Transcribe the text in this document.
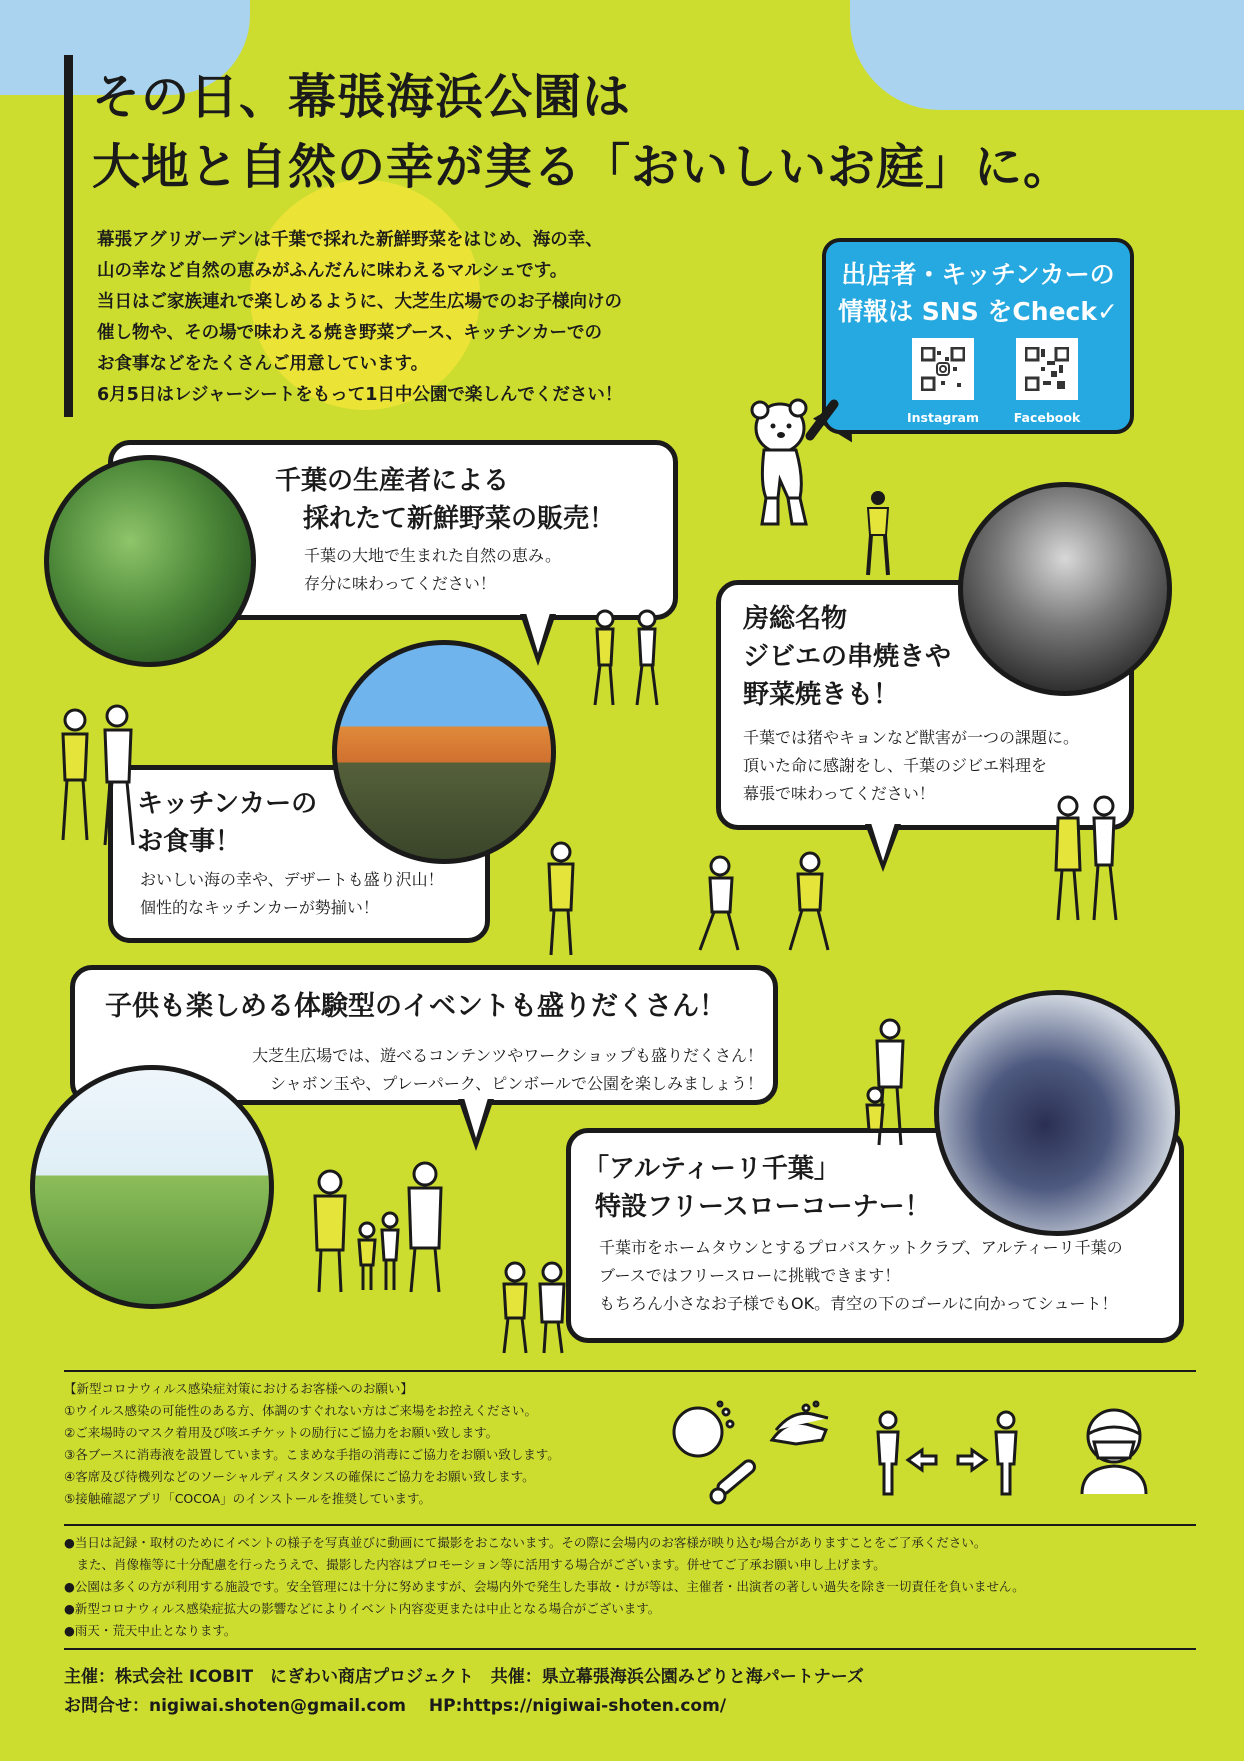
その日、幕張海浜公園は
大地と自然の幸が実る「おいしいお庭」に。
幕張アグリガーデンは千葉で採れた新鮮野菜をはじめ、海の幸、
山の幸など自然の恵みがふんだんに味わえるマルシェです。
当日はご家族連れで楽しめるように、大芝生広場でのお子様向けの
催し物や、その場で味わえる焼き野菜ブース、キッチンカーでの
お食事などをたくさんご用意しています。
6月5日はレジャーシートをもって1日中公園で楽しんでください！
出店者・キッチンカーの
情報は SNS をCheck✓
Instagram	Facebook
千葉の生産者による
採れたて新鮮野菜の販売！
千葉の大地で生まれた自然の恵み。
存分に味わってください！
房総名物
ジビエの串焼きや
野菜焼きも！
千葉では猪やキョンなど獣害が一つの課題に。
頂いた命に感謝をし、千葉のジビエ料理を
幕張で味わってください！
キッチンカーの
お食事！
おいしい海の幸や、デザートも盛り沢山！
個性的なキッチンカーが勢揃い！
子供も楽しめる体験型のイベントも盛りだくさん！
大芝生広場では、遊べるコンテンツやワークショップも盛りだくさん！
シャボン玉や、プレーパーク、ピンボールで公園を楽しみましょう！
「アルティーリ千葉」
特設フリースローコーナー！
千葉市をホームタウンとするプロバスケットクラブ、アルティーリ千葉の
ブースではフリースローに挑戦できます！
もちろん小さなお子様でもOK。青空の下のゴールに向かってシュート！
【新型コロナウィルス感染症対策におけるお客様へのお願い】
①ウイルス感染の可能性のある方、体調のすぐれない方はご来場をお控えください。
②ご来場時のマスク着用及び咳エチケットの励行にご協力をお願い致します。
③各ブースに消毒液を設置しています。こまめな手指の消毒にご協力をお願い致します。
④客席及び待機列などのソーシャルディスタンスの確保にご協力をお願い致します。
⑤接触確認アプリ「COCOA」のインストールを推奨しています。
●当日は記録・取材のためにイベントの様子を写真並びに動画にて撮影をおこないます。その際に会場内のお客様が映り込む場合がありますことをご了承ください。
　また、肖像権等に十分配慮を行ったうえで、撮影した内容はプロモーション等に活用する場合がございます。併せてご了承お願い申し上げます。
●公園は多くの方が利用する施設です。安全管理には十分に努めますが、会場内外で発生した事故・けが等は、主催者・出演者の著しい過失を除き一切責任を負いません。
●新型コロナウィルス感染症拡大の影響などによりイベント内容変更または中止となる場合がございます。
●雨天・荒天中止となります。
主催：株式会社 ICOBIT　にぎわい商店プロジェクト　共催：県立幕張海浜公園みどりと海パートナーズ
お問合せ：nigiwai.shoten@gmail.com　 HP:https://nigiwai-shoten.com/
